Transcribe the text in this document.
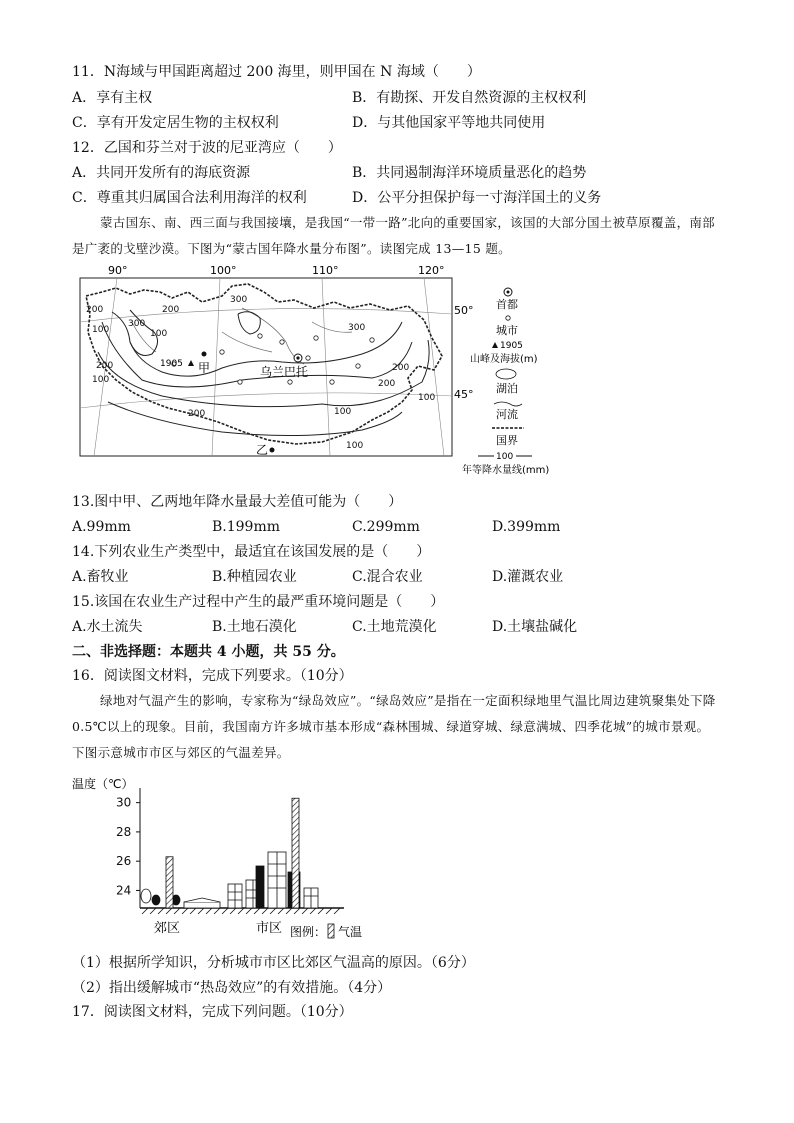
11．N海域与甲国距离超过 200 海里，则甲国在 N 海域（　　）
A．享有主权	B．有勘探、开发自然资源的主权权利
C．享有开发定居生物的主权权利	D．与其他国家平等地共同使用
12．乙国和芬兰对于波的尼亚湾应（　　）
A．共同开发所有的海底资源	B．共同遏制海洋环境质量恶化的趋势
C．尊重其归属国合法利用海洋的权利	D．公平分担保护每一寸海洋国土的义务
蒙古国东、南、西三面与我国接壤，是我国“一带一路”北向的重要国家，该国的大部分国土被草原覆盖，南部是广袤的戈壁沙漠。下图为“蒙古国年降水量分布图”。读图完成 13—15 题。
90°	100°	110°	120°
50°
45°
200
100
300
200
100
200
300
200
100
300
200
100
200
100
100
1905 甲	乌兰巴托
乙
首都
城市
1905
山峰及海拔(m)
湖泊
河流
国界
100
年等降水量线(mm)
13.图中甲、乙两地年降水量最大差值可能为（　　）
A.99mm	B.199mm	C.299mm	D.399mm
14.下列农业生产类型中，最适宜在该国发展的是（　　）
A.畜牧业	B.种植园农业	C.混合农业	D.灌溉农业
15.该国在农业生产过程中产生的最严重环境问题是（　　）
A.水土流失	B.土地石漠化	C.土地荒漠化	D.土壤盐碱化
二、非选择题：本题共 4 小题，共 55 分。
16．阅读图文材料，完成下列要求。（10分）
绿地对气温产生的影响，专家称为“绿岛效应”。“绿岛效应”是指在一定面积绿地里气温比周边建筑聚集处下降 0.5℃以上的现象。目前，我国南方许多城市基本形成“森林围城、绿道穿城、绿意满城、四季花城”的城市景观。下图示意城市市区与郊区的气温差异。
温度（℃）
24
26
28
30
郊区	市区 图例： 气温
（1）根据所学知识，分析城市市区比郊区气温高的原因。（6分）
（2）指出缓解城市“热岛效应”的有效措施。（4分）
17．阅读图文材料，完成下列问题。（10分）
